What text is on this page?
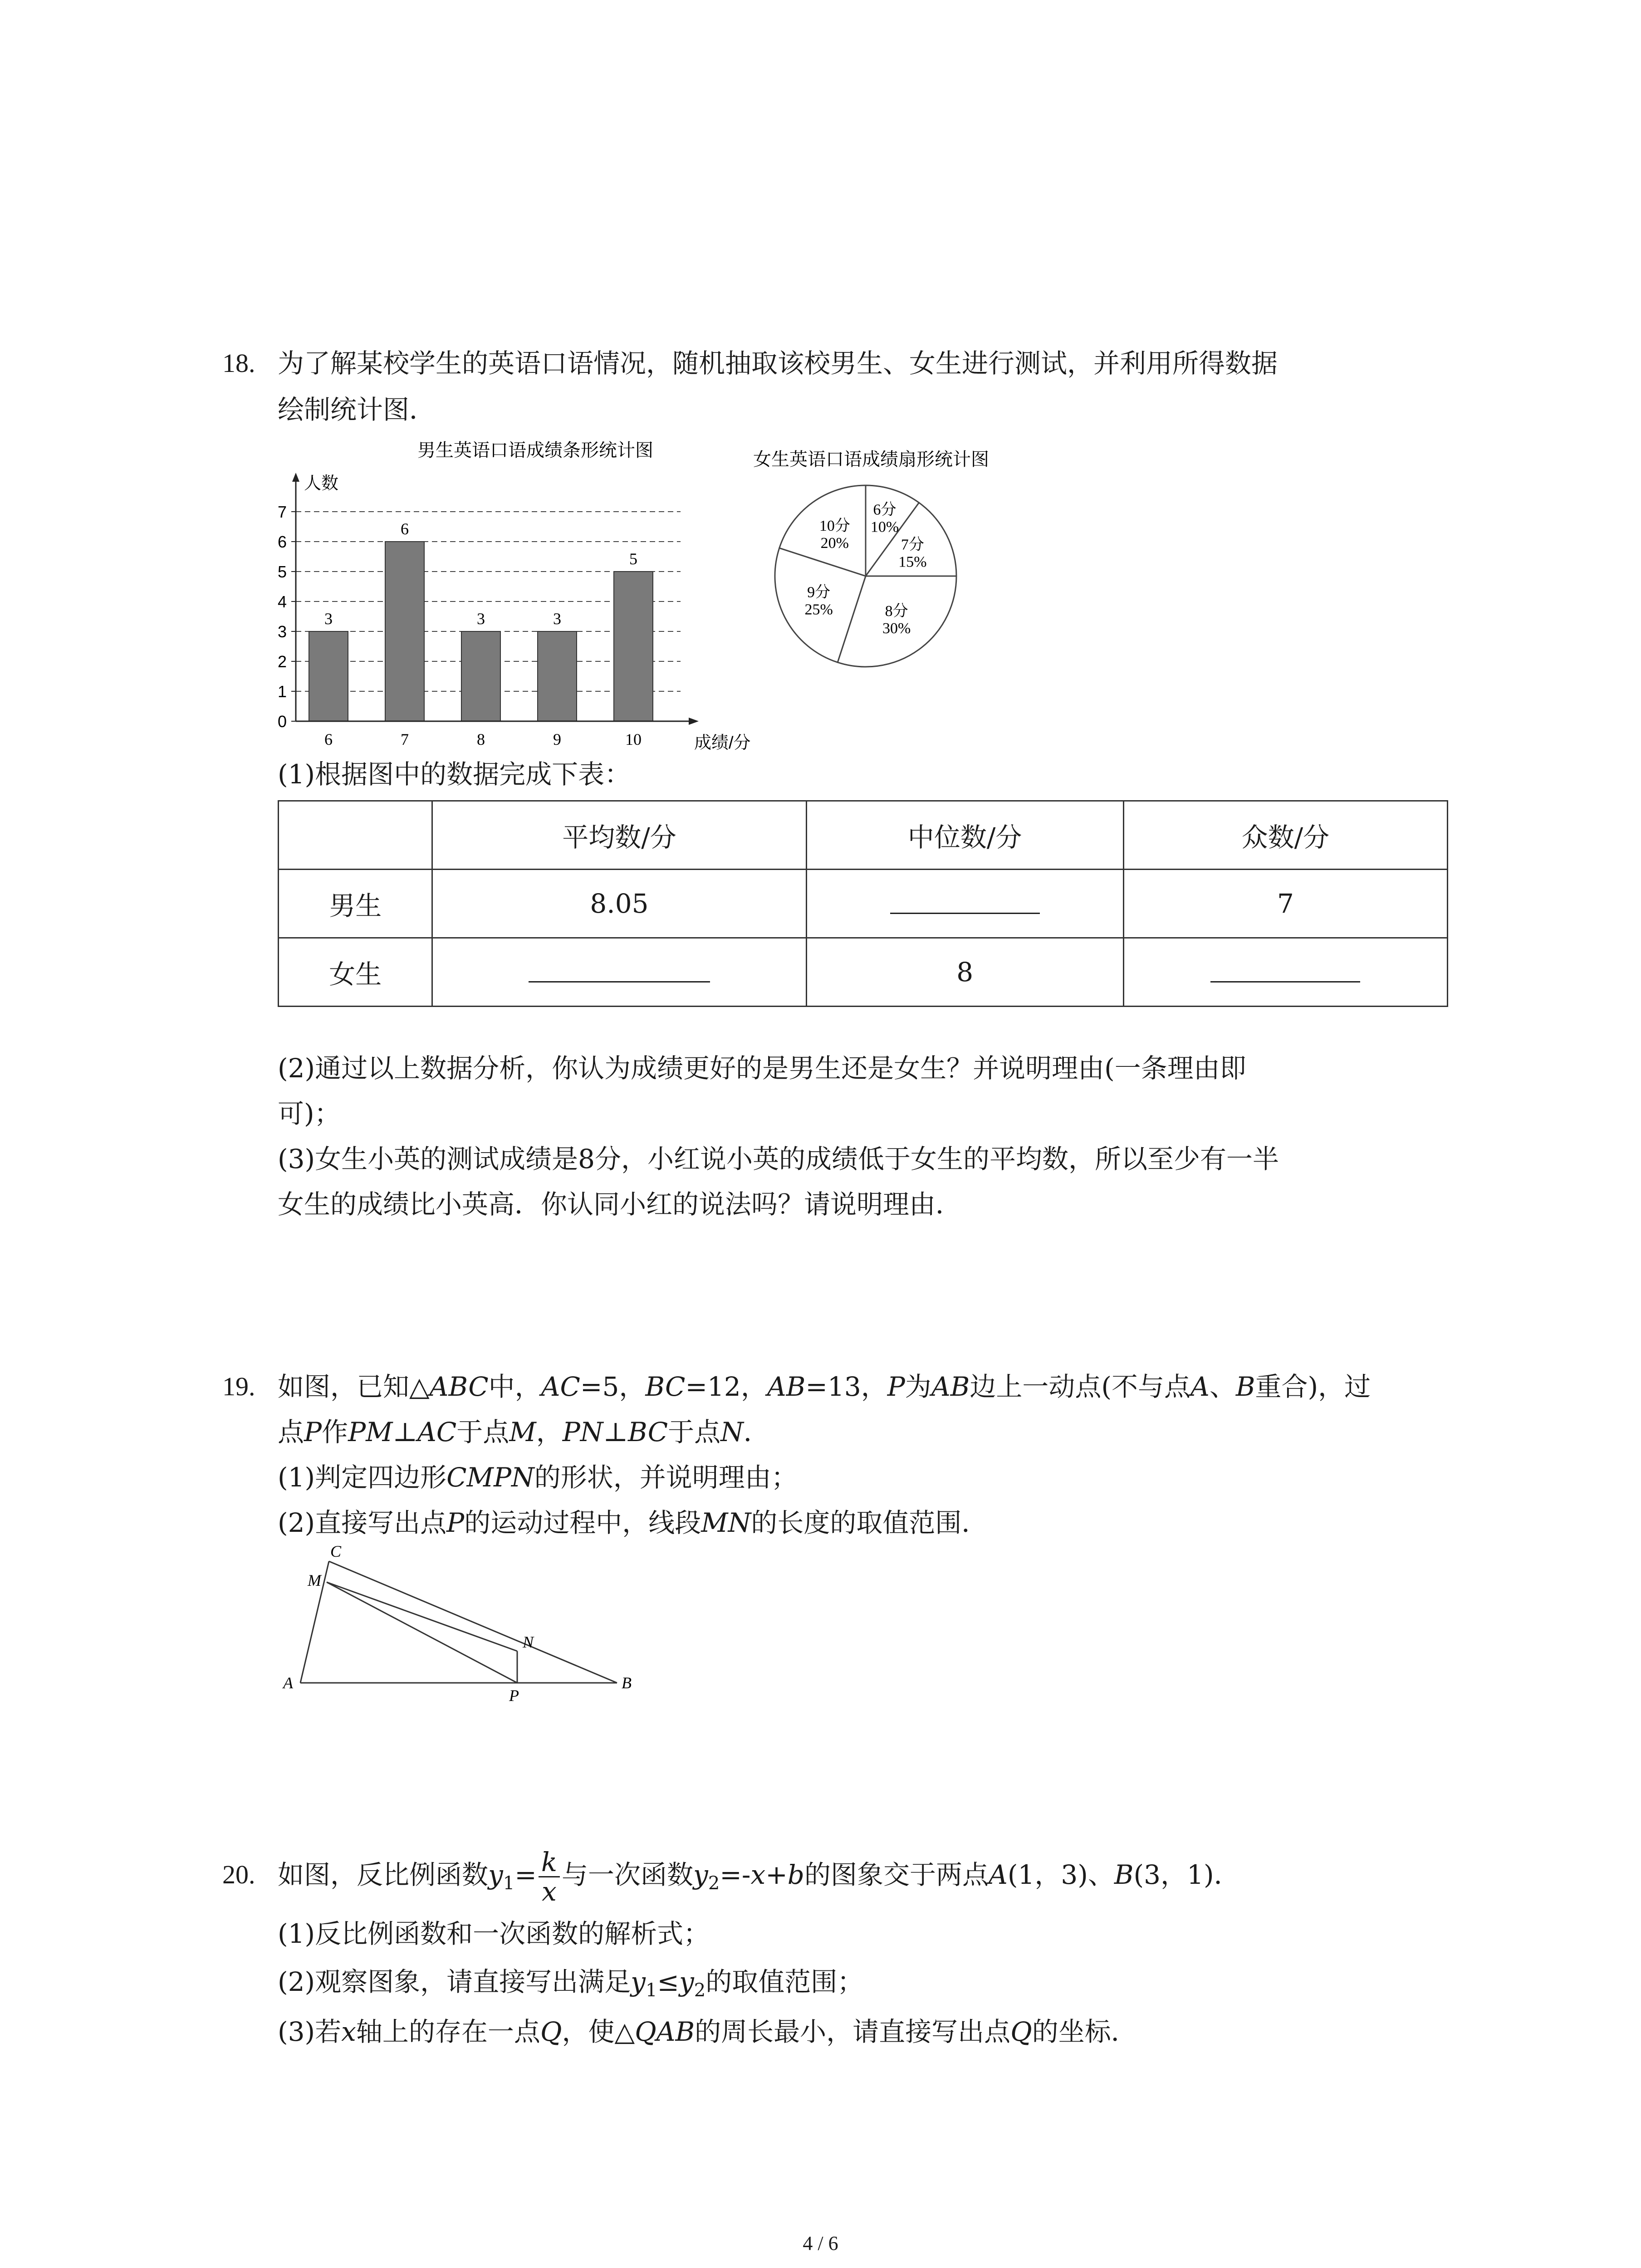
18. 为了解某校学生的英语口语情况，随机抽取该校男生、女生进行测试，并利用所得数据
绘制统计图．
男生英语口语成绩条形统计图
0
1
2
3
4
5
6
7
6	7	8	9	10
3
6
3	3
5
人数
成绩/分
女生英语口语成绩扇形统计图
6分
10%
7分
15%
8分
30%
9分
25%
10分
20%
(1)根据图中的数据完成下表：
	平均数/分	中位数/分	众数/分
男生	8.05		7
女生		8	
(2)通过以上数据分析，你认为成绩更好的是男生还是女生？并说明理由(一条理由即
可)；
(3)女生小英的测试成绩是8分，小红说小英的成绩低于女生的平均数，所以至少有一半
女生的成绩比小英高．你认同小红的说法吗？请说明理由．
19. 如图，已知△ABC中，AC=5，BC=12，AB=13，P为AB边上一动点(不与点A、B重合)，过
点P作PM⊥AC于点M，PN⊥BC于点N．
(1)判定四边形CMPN的形状，并说明理由；
(2)直接写出点P的运动过程中，线段MN的长度的取值范围．
C
M
N
A
P
B
20. 如图，反比例函数$y_1= \frac{k}{x}$ 与一次函数$y_2=-x+b$的图象交于两点A(1，3)、B(3，1)．
(1)反比例函数和一次函数的解析式；
(2)观察图象，请直接写出满足$y_1\le y_2$的取值范围；
(3)若x轴上的存在一点Q，使△QAB的周长最小，请直接写出点Q的坐标．
4 / 6
